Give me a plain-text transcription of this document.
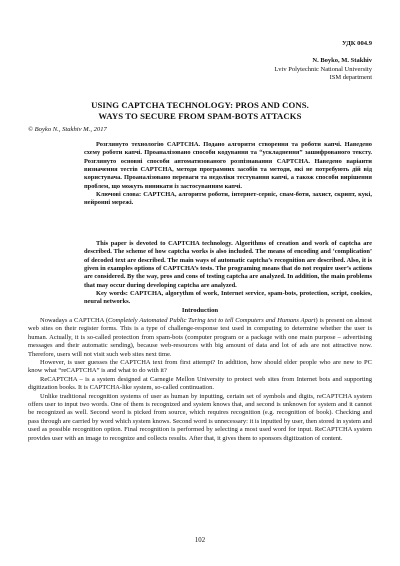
УДК 004.9
N. Boyko, M. Stakhiv
Lviv Polytechnic National University
ISM department
USING CAPTCHA TECHNOLOGY: PROS AND CONS.
WAYS TO SECURE FROM SPAM-BOTS ATTACKS
© Boyko N., Stakhiv M., 2017

Розглянуто технологію CAPTCHA. Подано алгоритм створення та роботи капчі. Наведено схему роботи капчі. Проаналізовано способи кодування та “ускладнення” зашифрованого тексту. Розглянуто основні способи автоматизованого розпізнавання CAPTCHA. Наведено варіанти визначення тестів CAPTCHA, методи програмних засобів та методи, які не потребують дій від користувача. Проаналізовано переваги та недоліки тестування капчі, а також способи вирішення проблем, що можуть виникати із застосуванням капчі.

Ключові слова: CAPTCHA, алгоритм роботи, інтернет-сервіс, спам-боти, захист, скрипт, кукі, нейронні мережі.

This paper is devoted to CAPTCHA technology. Algorithms of creation and work of captcha are described. The scheme of how captcha works is also included. The means of encoding and ‘complication’ of decoded text are described. The main ways of automatic captcha’s recognition are described. Also, it is given in examples options of CAPTCHA’s tests. The programing means that do not require user’s actions are considered. By the way, pros and cons of testing captcha are analyzed. In addition, the main problems that may occur during developing captcha are analyzed.

Key words: CAPTCHA, algorythm of work, Internet service, spam-bots, protection, script, cookies, neural networks.

Introduction

Nowadays a CAPTCHA (Completely Automated Public Turing test to tell Computers and Humans Apart) is present on almost web sites on their register forms. This is a type of challenge-response test used in computing to determine whether the user is human. Actually, it is so-called protection from spam-bots (computer program or a package with one main purpose – advertising messages and their automatic sending), because web-resources with big amount of data and lot of ads are not attractive now. Therefore, users will not visit such web sites next time.

However, is user guesses the CAPTCHA text from first attempt? In addition, how should elder people who are new to PC know what “reCAPTCHA” is and what to do with it?

ReCAPTCHA – is a system designed at Carnegie Mellon University to protect web sites from Internet bots and supporting digitization books. It is CAPTCHA-like system, so-called continuation.

Unlike traditional recognition systems of user as human by inputting, certain set of symbols and digits, reCAPTCHA system offers user to input two words. One of them is recognized and system knows that, and second is unknown for system and it cannot be recognized as well. Second word is picked from source, which requires recognition (e.g. recognition of book). Checking and pass through are carried by word which system knows. Second word is unnecessary: it is inputted by user, then stored in system and used as possible recognition option. Final recognition is performed by selecting a most used word for input. ReCAPTCHA system provides user with an image to recognize and collects results. After that, it gives them to sponsors digitization of content.

102
